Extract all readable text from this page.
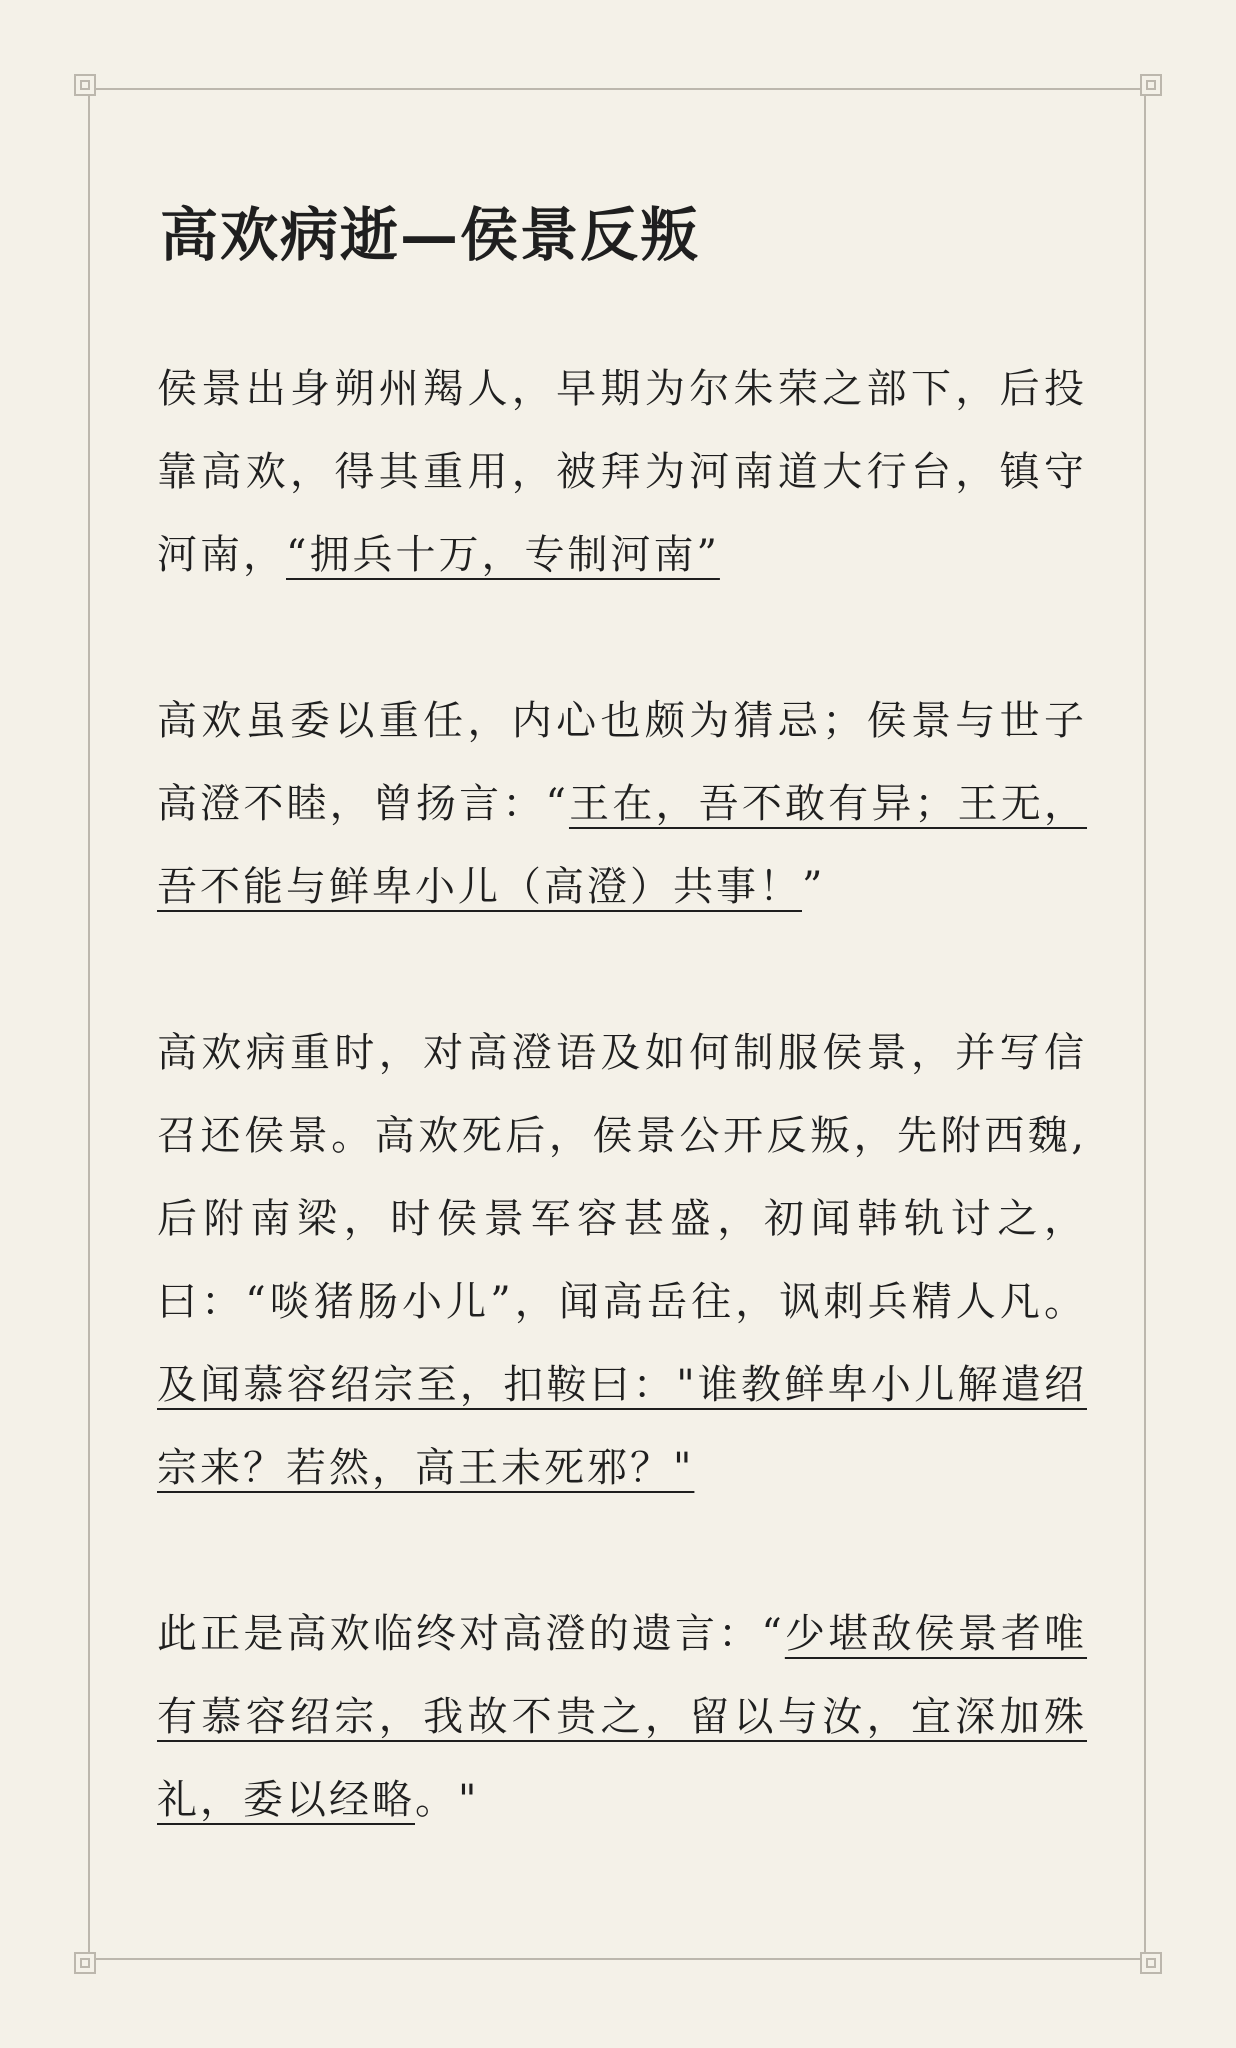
高欢病逝—侯景反叛

侯景出身朔州羯人，早期为尔朱荣之部下，后投靠高欢，得其重用，被拜为河南道大行台，镇守河南，“拥兵十万，专制河南”

高欢虽委以重任，内心也颇为猜忌；侯景与世子高澄不睦，曾扬言：“王在，吾不敢有异；王无，吾不能与鲜卑小儿（高澄）共事！”

高欢病重时，对高澄语及如何制服侯景，并写信召还侯景。高欢死后，侯景公开反叛，先附西魏,后附南梁，时侯景军容甚盛，初闻韩轨讨之，曰：“啖猪肠小儿”，闻高岳往，讽刺兵精人凡。及闻慕容绍宗至，扣鞍曰："谁教鲜卑小儿解遣绍宗来？若然，高王未死邪？"

此正是高欢临终对高澄的遗言：“少堪敌侯景者唯有慕容绍宗，我故不贵之，留以与汝，宜深加殊礼，委以经略。"
